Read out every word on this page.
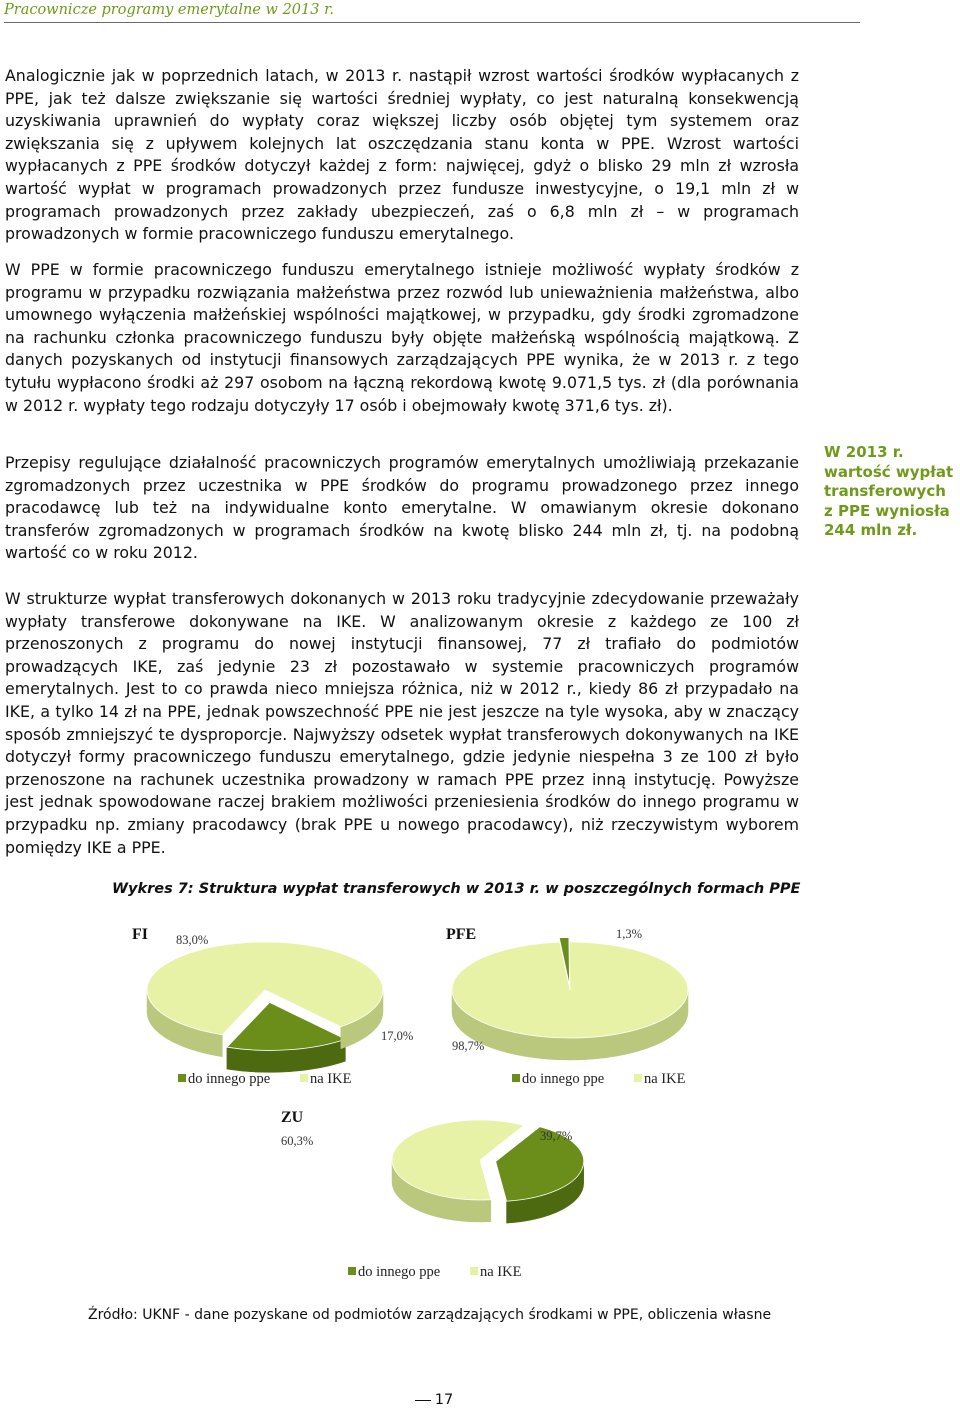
Pracownicze programy emerytalne w 2013 r.

Analogicznie jak w poprzednich latach, w 2013 r. nastąpił wzrost wartości środków wypłacanych z PPE, jak też dalsze zwiększanie się wartości średniej wypłaty, co jest naturalną konsekwencją uzyskiwania uprawnień do wypłaty coraz większej liczby osób objętej tym systemem oraz zwiększania się z upływem kolejnych lat oszczędzania stanu konta w PPE. Wzrost wartości wypłacanych z PPE środków dotyczył każdej z form: najwięcej, gdyż o blisko 29 mln zł wzrosła wartość wypłat w programach prowadzonych przez fundusze inwestycyjne, o 19,1 mln zł w programach prowadzonych przez zakłady ubezpieczeń, zaś o 6,8 mln zł – w programach prowadzonych w formie pracowniczego funduszu emerytalnego.

W PPE w formie pracowniczego funduszu emerytalnego istnieje możliwość wypłaty środków z programu w przypadku rozwiązania małżeństwa przez rozwód lub unieważnienia małżeństwa, albo umownego wyłączenia małżeńskiej wspólności majątkowej, w przypadku, gdy środki zgromadzone na rachunku członka pracowniczego funduszu były objęte małżeńską wspólnością majątkową. Z danych pozyskanych od instytucji finansowych zarządzających PPE wynika, że w 2013 r. z tego tytułu wypłacono środki aż 297 osobom na łączną rekordową kwotę 9.071,5 tys. zł (dla porównania w 2012 r. wypłaty tego rodzaju dotyczyły 17 osób i obejmowały kwotę 371,6 tys. zł).

Przepisy regulujące działalność pracowniczych programów emerytalnych umożliwiają przekazanie zgromadzonych przez uczestnika w PPE środków do programu prowadzonego przez innego pracodawcę lub też na indywidualne konto emerytalne. W omawianym okresie dokonano transferów zgromadzonych w programach środków na kwotę blisko 244 mln zł, tj. na podobną wartość co w roku 2012.

W strukturze wypłat transferowych dokonanych w 2013 roku tradycyjnie zdecydowanie przeważały wypłaty transferowe dokonywane na IKE. W analizowanym okresie z każdego ze 100 zł przenoszonych z programu do nowej instytucji finansowej, 77 zł trafiało do podmiotów prowadzących IKE, zaś jedynie 23 zł pozostawało w systemie pracowniczych programów emerytalnych. Jest to co prawda nieco mniejsza różnica, niż w 2012 r., kiedy 86 zł przypadało na IKE, a tylko 14 zł na PPE, jednak powszechność PPE nie jest jeszcze na tyle wysoka, aby w znaczący sposób zmniejszyć te dysproporcje. Najwyższy odsetek wypłat transferowych dokonywanych na IKE dotyczył formy pracowniczego funduszu emerytalnego, gdzie jedynie niespełna 3 ze 100 zł było przenoszone na rachunek uczestnika prowadzony w ramach PPE przez inną instytucję. Powyższe jest jednak spowodowane raczej brakiem możliwości przeniesienia środków do innego programu w przypadku np. zmiany pracodawcy (brak PPE u nowego pracodawcy), niż rzeczywistym wyborem pomiędzy IKE a PPE.

W 2013 r. wartość wypłat transferowych z PPE wyniosła 244 mln zł.
Wykres 7: Struktura wypłat transferowych w 2013 r. w poszczególnych formach PPE
FI
17,0%
83,0%
do innego ppe	na IKE
PFE	1,3%
98,7%
do innego ppe	na IKE
ZU
39,7%
60,3%
do innego ppe	na IKE
Źródło: UKNF - dane pozyskane od podmiotów zarządzających środkami w PPE, obliczenia własne
17
